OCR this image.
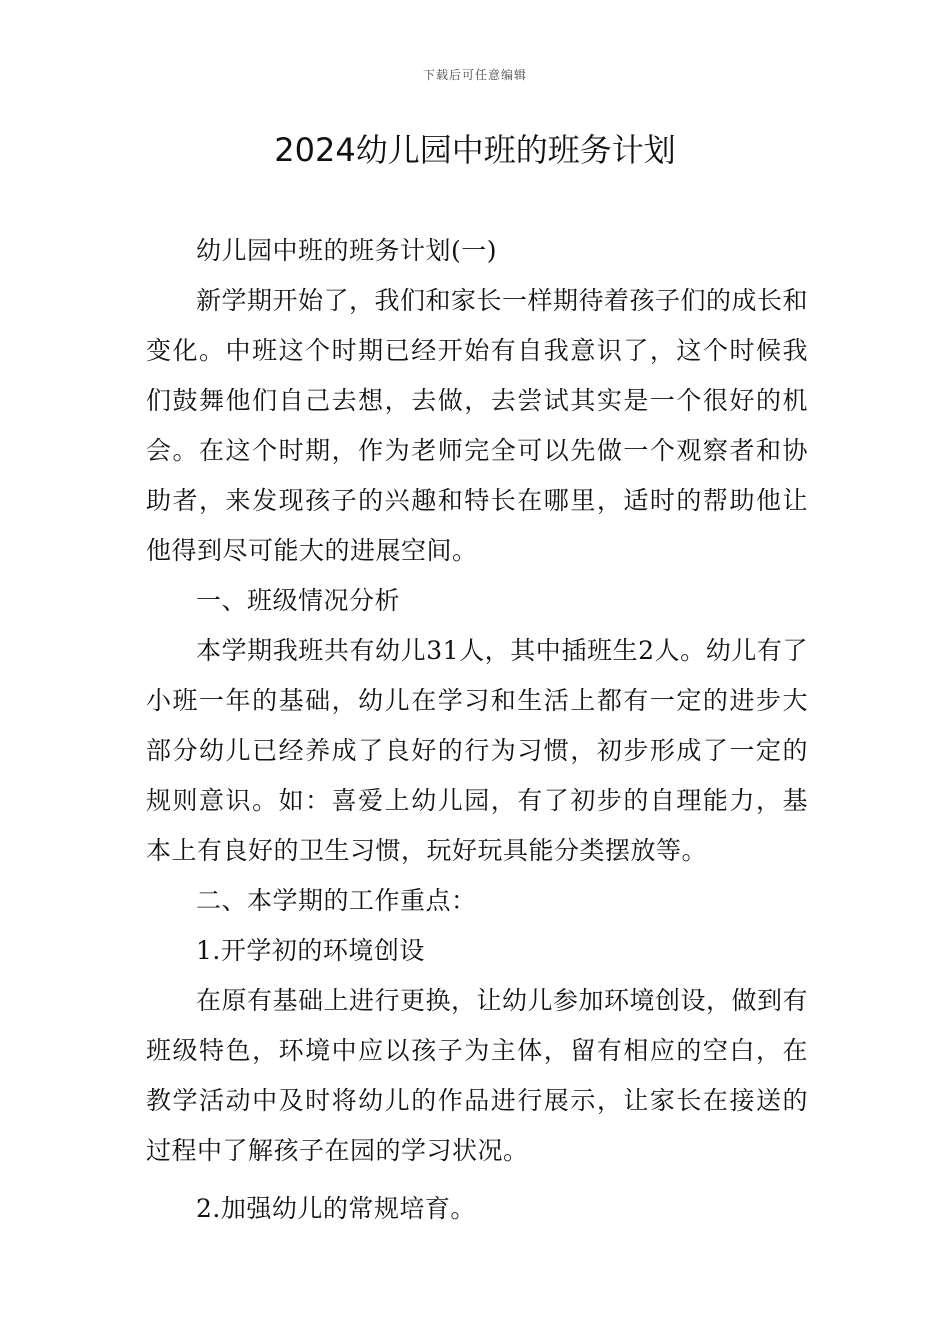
下载后可任意编辑
2024幼儿园中班的班务计划

幼儿园中班的班务计划(一)

新学期开始了，我们和家长一样期待着孩子们的成长和变化。中班这个时期已经开始有自我意识了，这个时候我们鼓舞他们自己去想，去做，去尝试其实是一个很好的机会。在这个时期，作为老师完全可以先做一个观察者和协助者，来发现孩子的兴趣和特长在哪里，适时的帮助他让他得到尽可能大的进展空间。

一、班级情况分析

本学期我班共有幼儿31人，其中插班生2人。幼儿有了小班一年的基础，幼儿在学习和生活上都有一定的进步大部分幼儿已经养成了良好的行为习惯，初步形成了一定的规则意识。如：喜爱上幼儿园，有了初步的自理能力，基本上有良好的卫生习惯，玩好玩具能分类摆放等。

二、本学期的工作重点：

1.开学初的环境创设

在原有基础上进行更换，让幼儿参加环境创设，做到有班级特色，环境中应以孩子为主体，留有相应的空白，在教学活动中及时将幼儿的作品进行展示，让家长在接送的过程中了解孩子在园的学习状况。

2.加强幼儿的常规培育。
